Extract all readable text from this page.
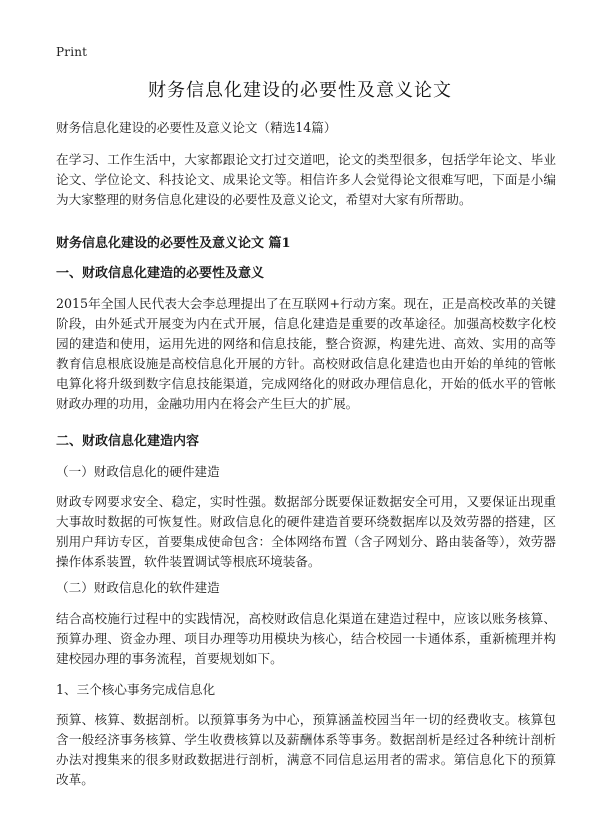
Print
财务信息化建设的必要性及意义论文
财务信息化建设的必要性及意义论文（精选14篇）
在学习、工作生活中，大家都跟论文打过交道吧，论文的类型很多，包括学年论文、毕业论文、学位论文、科技论文、成果论文等。相信许多人会觉得论文很难写吧，下面是小编为大家整理的财务信息化建设的必要性及意义论文，希望对大家有所帮助。
财务信息化建设的必要性及意义论文 篇1
一、财政信息化建造的必要性及意义
2015年全国人民代表大会李总理提出了在互联网+行动方案。现在，正是高校改革的关键阶段，由外延式开展变为内在式开展，信息化建造是重要的改革途径。加强高校数字化校园的建造和使用，运用先进的网络和信息技能，整合资源，构建先进、高效、实用的高等教育信息根底设施是高校信息化开展的方针。高校财政信息化建造也由开始的单纯的管帐电算化将升级到数字信息技能渠道，完成网络化的财政办理信息化，开始的低水平的管帐财政办理的功用，金融功用内在将会产生巨大的扩展。
二、财政信息化建造内容
（一）财政信息化的硬件建造
财政专网要求安全、稳定，实时性强。数据部分既要保证数据安全可用，又要保证出现重大事故时数据的可恢复性。财政信息化的硬件建造首要环绕数据库以及效劳器的搭建，区别用户拜访专区，首要集成使命包含：全体网络布置（含子网划分、路由装备等），效劳器操作体系装置，软件装置调试等根底环境装备。
（二）财政信息化的软件建造
结合高校施行过程中的实践情况，高校财政信息化渠道在建造过程中，应该以账务核算、预算办理、资金办理、项目办理等功用模块为核心，结合校园一卡通体系，重新梳理并构建校园办理的事务流程，首要规划如下。
1、三个核心事务完成信息化
预算、核算、数据剖析。以预算事务为中心，预算涵盖校园当年一切的经费收支。核算包含一般经济事务核算、学生收费核算以及薪酬体系等事务。数据剖析是经过各种统计剖析办法对搜集来的很多财政数据进行剖析，满意不同信息运用者的需求。第信息化下的预算改革。
